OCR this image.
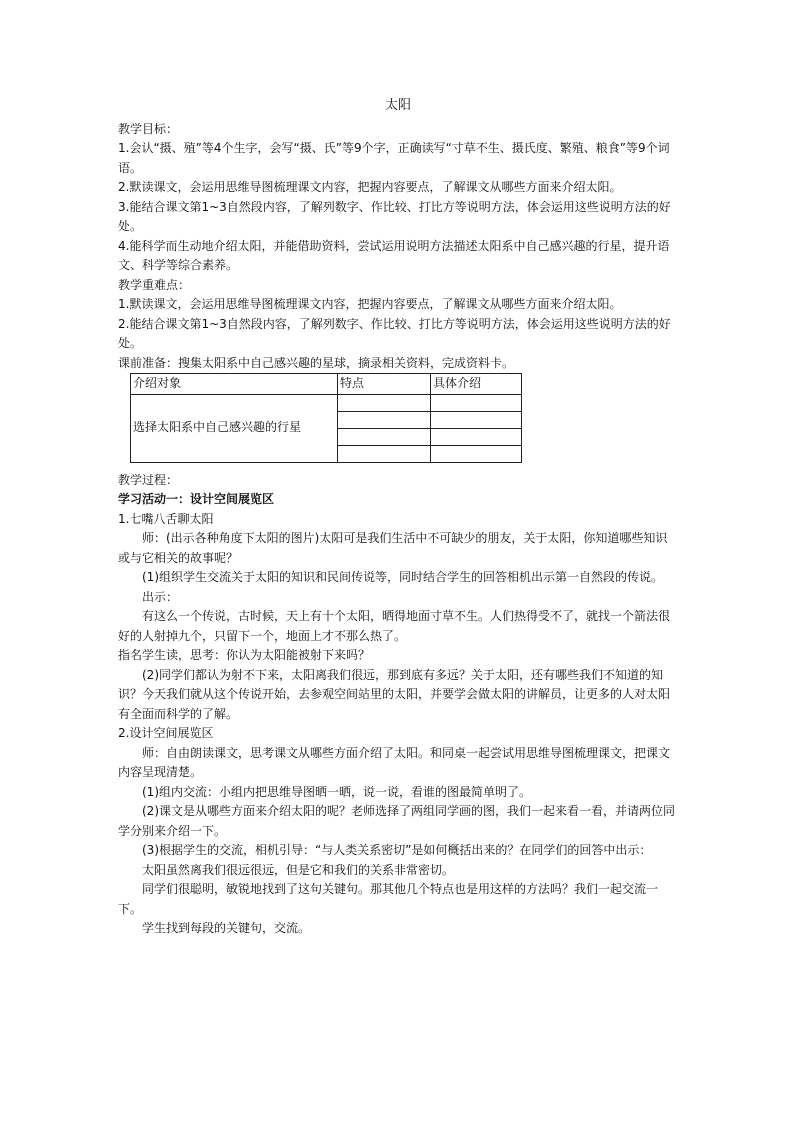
太阳

教学目标：

1.会认“摄、殖”等4个生字，会写“摄、氏”等9个字，正确读写“寸草不生、摄氏度、繁殖、粮食”等9个词语。

2.默读课文，会运用思维导图梳理课文内容，把握内容要点，了解课文从哪些方面来介绍太阳。

3.能结合课文第1~3自然段内容，了解列数字、作比较、打比方等说明方法，体会运用这些说明方法的好处。

4.能科学而生动地介绍太阳，并能借助资料，尝试运用说明方法描述太阳系中自己感兴趣的行星，提升语文、科学等综合素养。

教学重难点：

1.默读课文，会运用思维导图梳理课文内容，把握内容要点，了解课文从哪些方面来介绍太阳。

2.能结合课文第1~3自然段内容，了解列数字、作比较、打比方等说明方法，体会运用这些说明方法的好处。

课前准备：搜集太阳系中自己感兴趣的星球，摘录相关资料，完成资料卡。

介绍对象	特点	具体介绍
选择太阳系中自己感兴趣的行星		

教学过程：

学习活动一：设计空间展览区

1.七嘴八舌聊太阳

师：(出示各种角度下太阳的图片)太阳可是我们生活中不可缺少的朋友，关于太阳，你知道哪些知识或与它相关的故事呢？

(1)组织学生交流关于太阳的知识和民间传说等，同时结合学生的回答相机出示第一自然段的传说。

出示：

有这么一个传说，古时候，天上有十个太阳，晒得地面寸草不生。人们热得受不了，就找一个箭法很好的人射掉九个，只留下一个，地面上才不那么热了。

指名学生读，思考：你认为太阳能被射下来吗？

(2)同学们都认为射不下来，太阳离我们很远，那到底有多远？关于太阳，还有哪些我们不知道的知识？今天我们就从这个传说开始，去参观空间站里的太阳，并要学会做太阳的讲解员，让更多的人对太阳有全面而科学的了解。

2.设计空间展览区

师：自由朗读课文，思考课文从哪些方面介绍了太阳。和同桌一起尝试用思维导图梳理课文，把课文内容呈现清楚。

(1)组内交流：小组内把思维导图晒一晒，说一说，看谁的图最简单明了。

(2)课文是从哪些方面来介绍太阳的呢？老师选择了两组同学画的图，我们一起来看一看，并请两位同学分别来介绍一下。

(3)根据学生的交流，相机引导：“与人类关系密切”是如何概括出来的？在同学们的回答中出示：

太阳虽然离我们很远很远，但是它和我们的关系非常密切。

同学们很聪明，敏锐地找到了这句关键句。那其他几个特点也是用这样的方法吗？我们一起交流一下。

学生找到每段的关键句，交流。
